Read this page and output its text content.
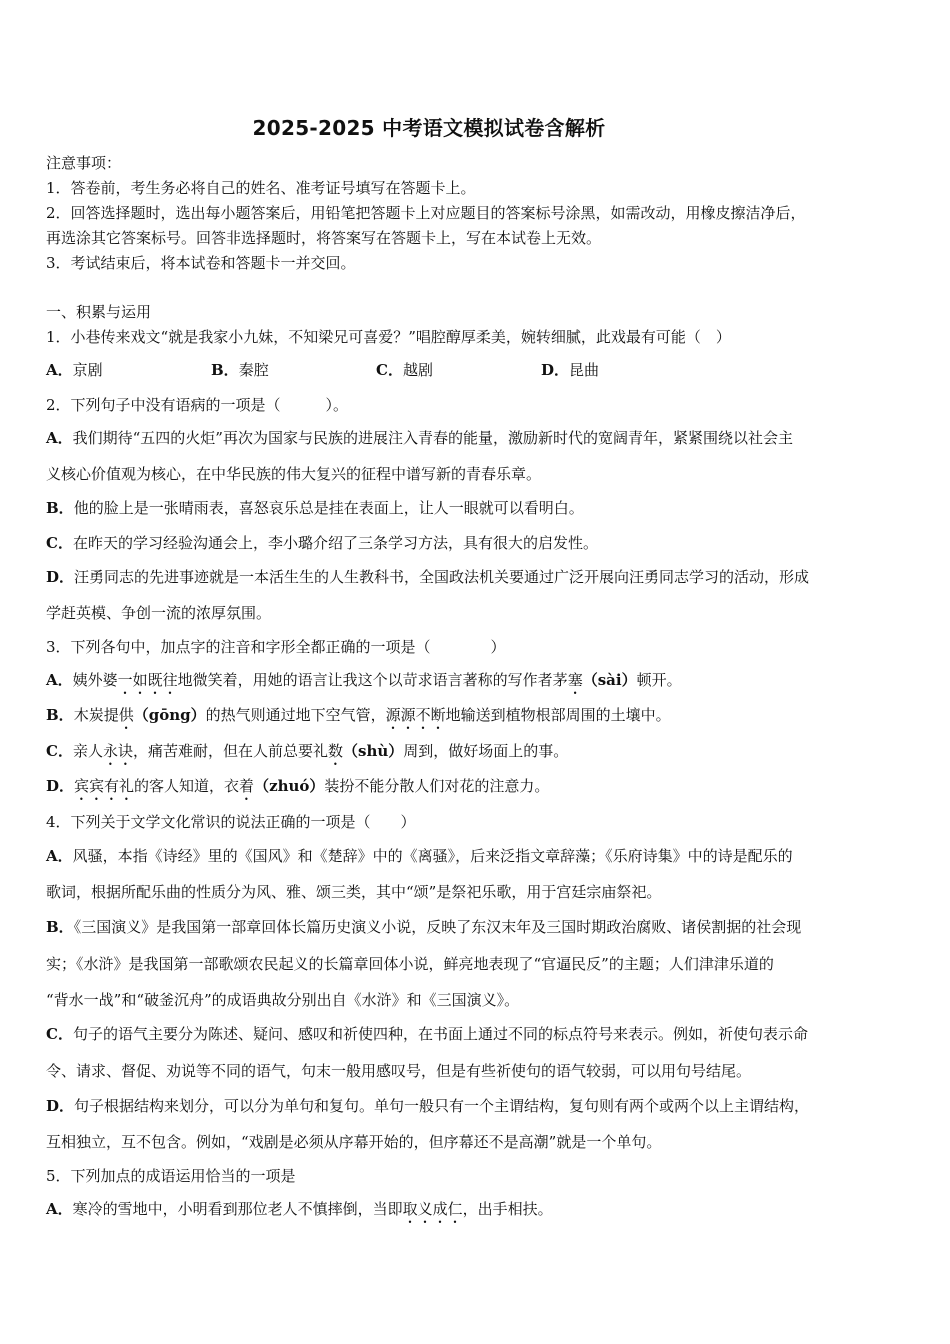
2025-2025 中考语文模拟试卷含解析
注意事项：
1．答卷前，考生务必将自己的姓名、准考证号填写在答题卡上。
2．回答选择题时，选出每小题答案后，用铅笔把答题卡上对应题目的答案标号涂黑，如需改动，用橡皮擦洁净后，
再选涂其它答案标号。回答非选择题时，将答案写在答题卡上，写在本试卷上无效。
3．考试结束后，将本试卷和答题卡一并交回。
一、积累与运用
1．小巷传来戏文“就是我家小九妹，不知梁兄可喜爱？”唱腔醇厚柔美，婉转细腻，此戏最有可能（　）
A．京剧	B．秦腔	C．越剧	D．昆曲
2．下列句子中没有语病的一项是（　　　）。
A．我们期待“五四的火炬”再次为国家与民族的进展注入青春的能量，激励新时代的宽阔青年，紧紧围绕以社会主
义核心价值观为核心，在中华民族的伟大复兴的征程中谱写新的青春乐章。
B．他的脸上是一张晴雨表，喜怒哀乐总是挂在表面上，让人一眼就可以看明白。
C．在昨天的学习经验沟通会上，李小璐介绍了三条学习方法，具有很大的启发性。
D．汪勇同志的先进事迹就是一本活生生的人生教科书，全国政法机关要通过广泛开展向汪勇同志学习的活动，形成
学赶英模、争创一流的浓厚氛围。
3．下列各句中，加点字的注音和字形全都正确的一项是（　　　　）
A．姨外婆一如既往地微笑着，用她的语言让我这个以苛求语言著称的写作者茅塞（sài）顿开。
B．木炭提供（gōng）的热气则通过地下空气管，源源不断地输送到植物根部周围的土壤中。
C．亲人永诀，痛苦难耐，但在人前总要礼数（shù）周到，做好场面上的事。
D．宾宾有礼的客人知道，衣着（zhuó）装扮不能分散人们对花的注意力。
4．下列关于文学文化常识的说法正确的一项是（　　）
A．风骚，本指《诗经》里的《国风》和《楚辞》中的《离骚》，后来泛指文章辞藻；《乐府诗集》中的诗是配乐的
歌词，根据所配乐曲的性质分为风、雅、颂三类，其中“颂”是祭祀乐歌，用于宫廷宗庙祭祀。
B．《三国演义》是我国第一部章回体长篇历史演义小说，反映了东汉末年及三国时期政治腐败、诸侯割据的社会现
实；《水浒》是我国第一部歌颂农民起义的长篇章回体小说，鲜亮地表现了“官逼民反”的主题；人们津津乐道的
“背水一战”和“破釜沉舟”的成语典故分别出自《水浒》和《三国演义》。
C．句子的语气主要分为陈述、疑问、感叹和祈使四种，在书面上通过不同的标点符号来表示。例如，祈使句表示命
令、请求、督促、劝说等不同的语气，句末一般用感叹号，但是有些祈使句的语气较弱，可以用句号结尾。
D．句子根据结构来划分，可以分为单句和复句。单句一般只有一个主谓结构，复句则有两个或两个以上主谓结构，
互相独立，互不包含。例如，“戏剧是必须从序幕开始的，但序幕还不是高潮”就是一个单句。
5．下列加点的成语运用恰当的一项是
A．寒冷的雪地中，小明看到那位老人不慎摔倒，当即取义成仁，出手相扶。
